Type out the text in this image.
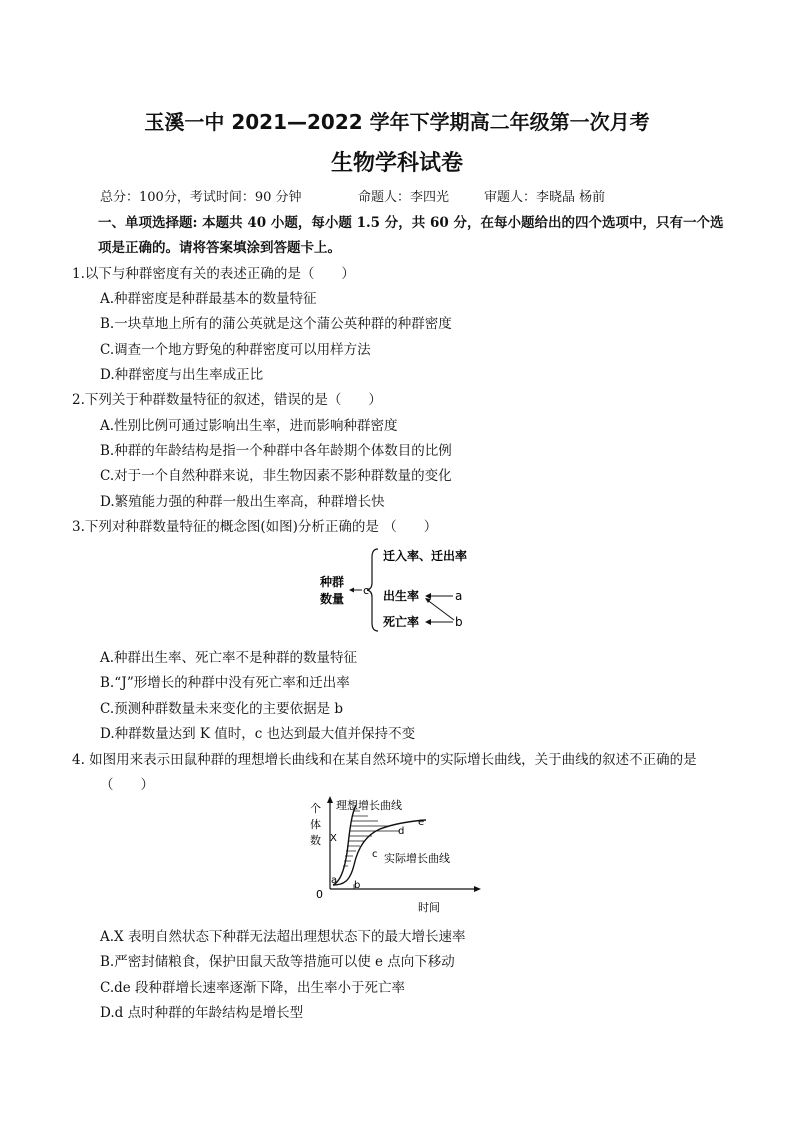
玉溪一中 2021—2022 学年下学期高二年级第一次月考
生物学科试卷
总分：100分，考试时间：90 分钟	命题人：李四光	审题人：李晓晶 杨前
一、单项选择题: 本题共 40 小题，每小题 1.5 分，共 60 分，在每小题给出的四个选项中，只有一个选
项是正确的。请将答案填涂到答题卡上。
1.以下与种群密度有关的表述正确的是（　　）
A.种群密度是种群最基本的数量特征
B.一块草地上所有的蒲公英就是这个蒲公英种群的种群密度
C.调查一个地方野兔的种群密度可以用样方法
D.种群密度与出生率成正比
2.下列关于种群数量特征的叙述，错误的是（　　）
A.性别比例可通过影响出生率，进而影响种群密度
B.种群的年龄结构是指一个种群中各年龄期个体数目的比例
C.对于一个自然种群来说，非生物因素不影种群数量的变化
D.繁殖能力强的种群一般出生率高，种群增长快
3.下列对种群数量特征的概念图(如图)分析正确的是 （　　）
种群
数量
c
迁入率、迁出率
出生率
死亡率
a
b
A.种群出生率、死亡率不是种群的数量特征
B.“J”形增长的种群中没有死亡率和迁出率
C.预测种群数量未来变化的主要依据是 b
D.种群数量达到 K 值时，c 也达到最大值并保持不变
4. 如图用来表示田鼠种群的理想增长曲线和在某自然环境中的实际增长曲线，关于曲线的叙述不正确的是
（　　）
个
体
数
0
时间
理想增长曲线
实际增长曲线
X
a b
c
d
e
A.X 表明自然状态下种群无法超出理想状态下的最大增长速率
B.严密封储粮食，保护田鼠天敌等措施可以使 e 点向下移动
C.de 段种群增长速率逐渐下降，出生率小于死亡率
D.d 点时种群的年龄结构是增长型
